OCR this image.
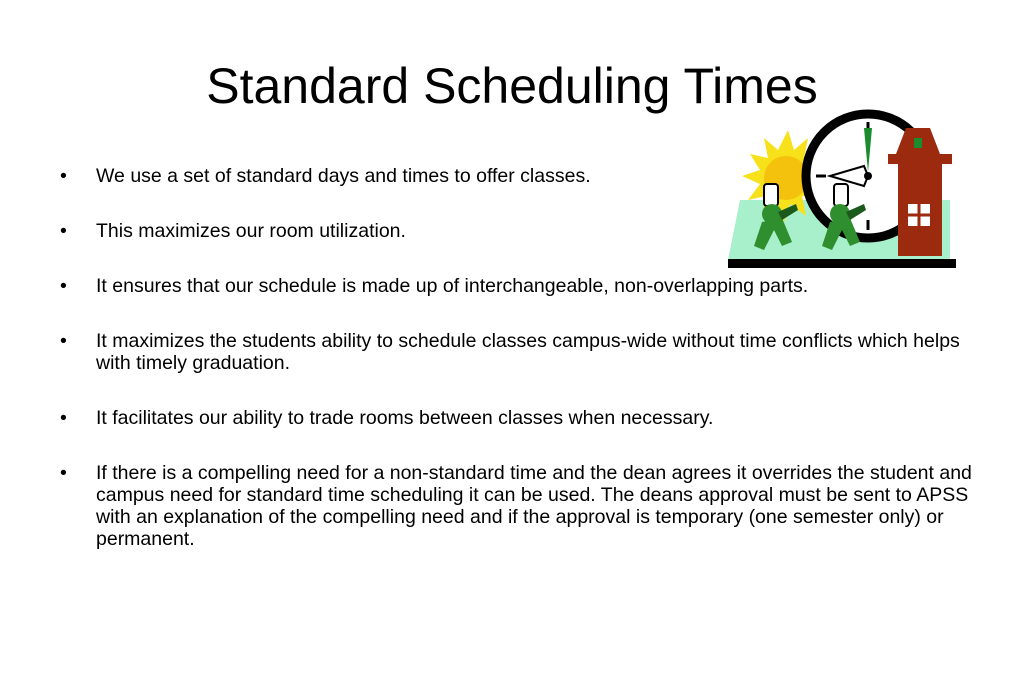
Standard Scheduling Times
•	We use a set of standard days and times to offer classes.
•	This maximizes our room utilization.
•	It ensures that our schedule is made up of interchangeable, non-overlapping parts.
•	It maximizes the students ability to schedule classes campus-wide without time conflicts which helps with timely graduation.
•	It facilitates our ability to trade rooms between classes when necessary.
•	If there is a compelling need for a non-standard time and the dean agrees it overrides the student and campus need for standard time scheduling it can be used. The deans approval must be sent to APSS with an explanation of the compelling need and if the approval is temporary (one semester only) or permanent.
